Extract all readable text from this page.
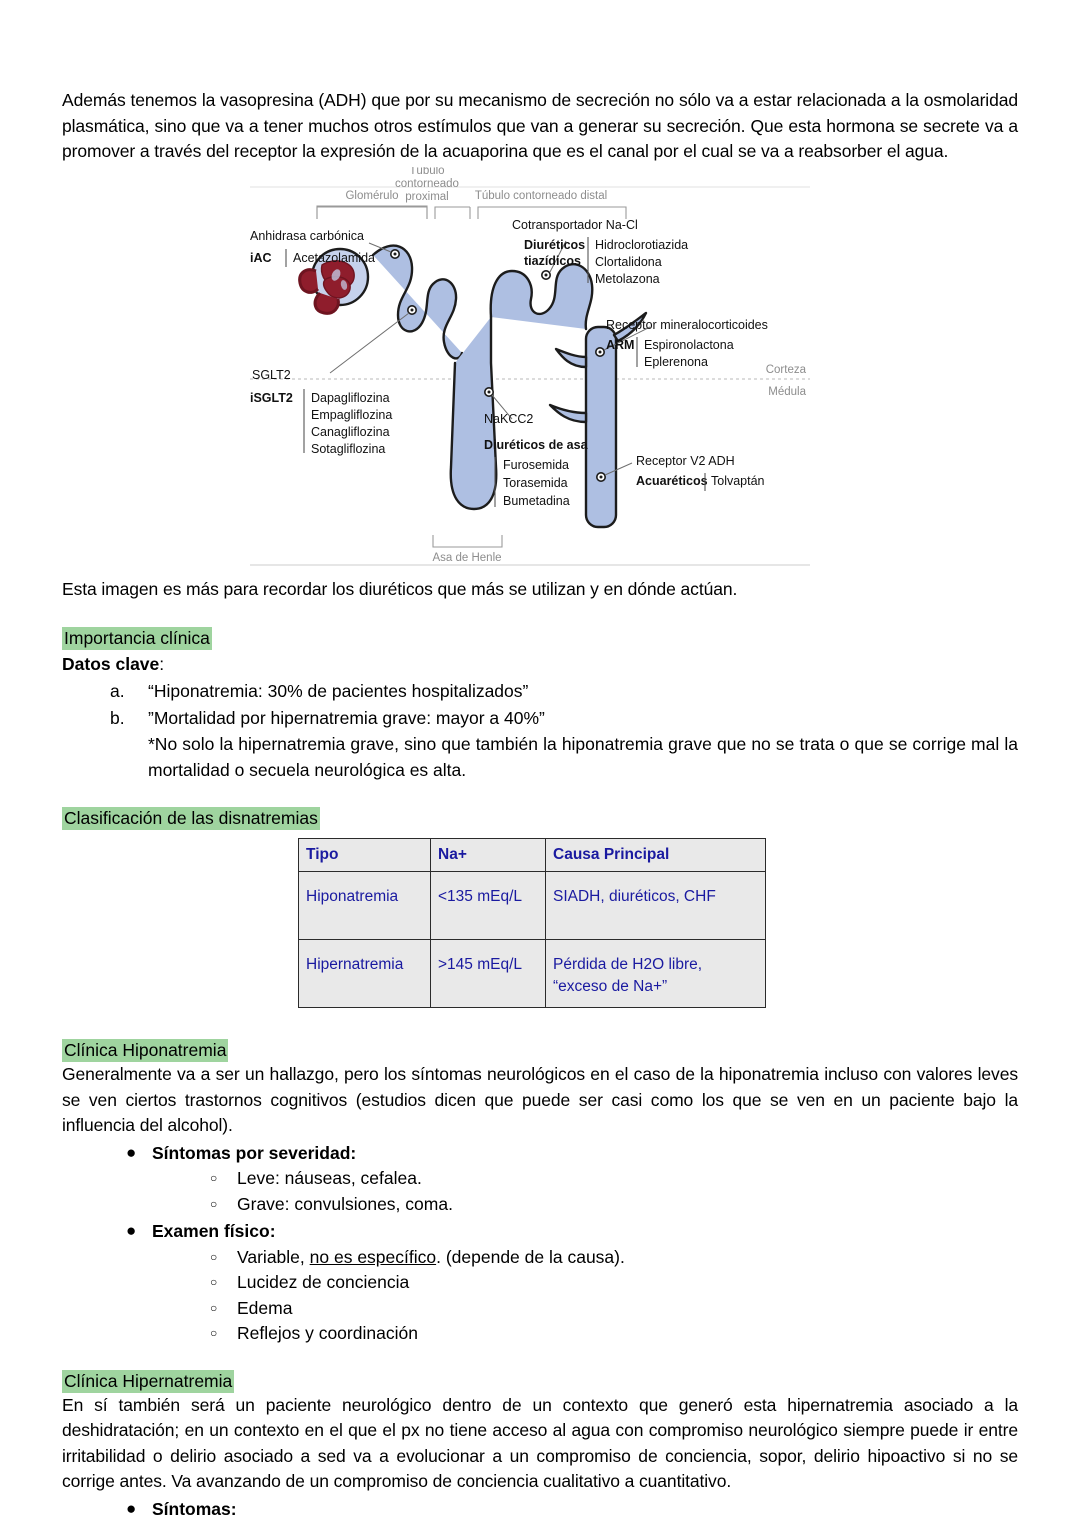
Además tenemos la vasopresina (ADH) que por su mecanismo de secreción no sólo va a estar relacionada a la osmolaridad plasmática, sino que va a tener muchos otros estímulos que van a generar su secreción. Que esta hormona se secrete va a promover a través del receptor la expresión de la acuaporina que es el canal por el cual se va a reabsorber el agua.

Corteza
Médula
Glomérulo
Túbulo
contorneado
proximal Túbulo contorneado distal
Anhidrasa carbónica
iAC Acetazolamida
SGLT2
iSGLT2 Dapagliflozina
Empagliflozina
Canagliflozina
Sotagliflozina
Cotransportador Na-Cl
Diuréticos
tiazídicos
Hidroclorotiazida
Clortalidona
Metolazona
Receptor mineralocorticoides
ARM Espironolactona
Eplerenona
NaKCC2
Diuréticos de asa
Furosemida
Torasemida
Bumetadina
Receptor V2 ADH
Acuaréticos Tolvaptán
Asa de Henle

Esta imagen es más para recordar los diuréticos que más se utilizan y en dónde actúan.

Importancia clínica

Datos clave:

a. “Hiponatremia: 30% de pacientes hospitalizados”
b. ”Mortalidad por hipernatremia grave: mayor a 40%”
*No solo la hipernatremia grave, sino que también la hiponatremia grave que no se trata o que se corrige mal la mortalidad o secuela neurológica es alta.
Clasificación de las disnatremias
Tipo	Na+	Causa Principal
Hiponatremia	<135 mEq/L	SIADH, diuréticos, CHF
Hipernatremia	>145 mEq/L	Pérdida de H2O libre, “exceso de Na+”
Clínica Hiponatremia

Generalmente va a ser un hallazgo, pero los síntomas neurológicos en el caso de la hiponatremia incluso con valores leves se ven ciertos trastornos cognitivos (estudios dicen que puede ser casi como los que se ven en un paciente bajo la influencia del alcohol).

● Síntomas por severidad:
○ Leve: náuseas, cefalea.
○ Grave: convulsiones, coma.
● Examen físico:
○ Variable, no es específico. (depende de la causa).
○ Lucidez de conciencia
○ Edema
○ Reflejos y coordinación
Clínica Hipernatremia

En sí también será un paciente neurológico dentro de un contexto que generó esta hipernatremia asociado a la deshidratación; en un contexto en el que el px no tiene acceso al agua con compromiso neurológico siempre puede ir entre irritabilidad o delirio asociado a sed va a evolucionar a un compromiso de conciencia, sopor, delirio hipoactivo si no se corrige antes. Va avanzando de un compromiso de conciencia cualitativo a cuantitativo.

● Síntomas:
